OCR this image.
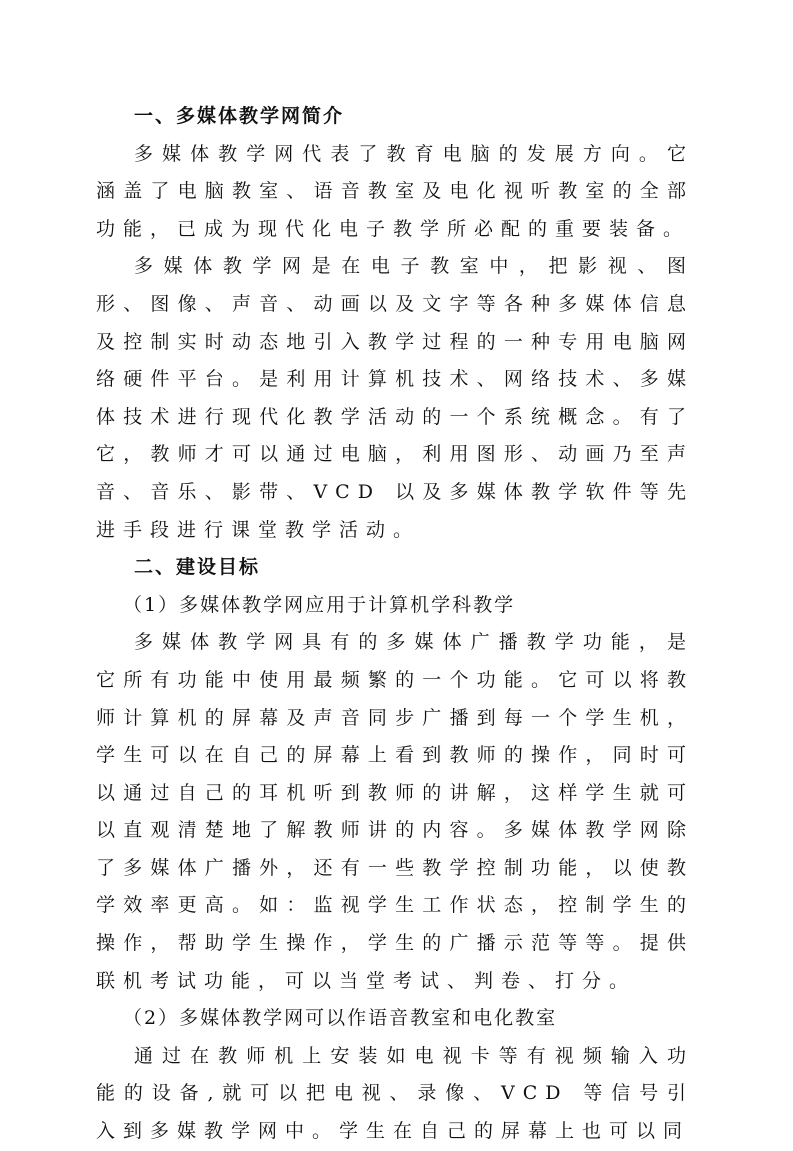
一、多媒体教学网简介

多媒体教学网代表了教育电脑的发展方向。它涵盖了电脑教室、语音教室及电化视听教室的全部功能，已成为现代化电子教学所必配的重要装备。

多媒体教学网是在电子教室中，把影视、图形、图像、声音、动画以及文字等各种多媒体信息及控制实时动态地引入教学过程的一种专用电脑网络硬件平台。是利用计算机技术、网络技术、多媒体技术进行现代化教学活动的一个系统概念。有了它，教师才可以通过电脑，利用图形、动画乃至声音、音乐、影带、VCD 以及多媒体教学软件等先进手段进行课堂教学活动。

二、建设目标

（1）多媒体教学网应用于计算机学科教学

多媒体教学网具有的多媒体广播教学功能，是它所有功能中使用最频繁的一个功能。它可以将教师计算机的屏幕及声音同步广播到每一个学生机，学生可以在自己的屏幕上看到教师的操作，同时可以通过自己的耳机听到教师的讲解，这样学生就可以直观清楚地了解教师讲的内容。多媒体教学网除了多媒体广播外，还有一些教学控制功能，以使教学效率更高。如：监视学生工作状态，控制学生的操作，帮助学生操作，学生的广播示范等等。提供联机考试功能，可以当堂考试、判卷、打分。

（2）多媒体教学网可以作语音教室和电化教室

通过在教师机上安装如电视卡等有视频输入功能的设备,就可以把电视、录像、VCD 等信号引入到多媒教学网中。学生在自己的屏幕上也可以同
